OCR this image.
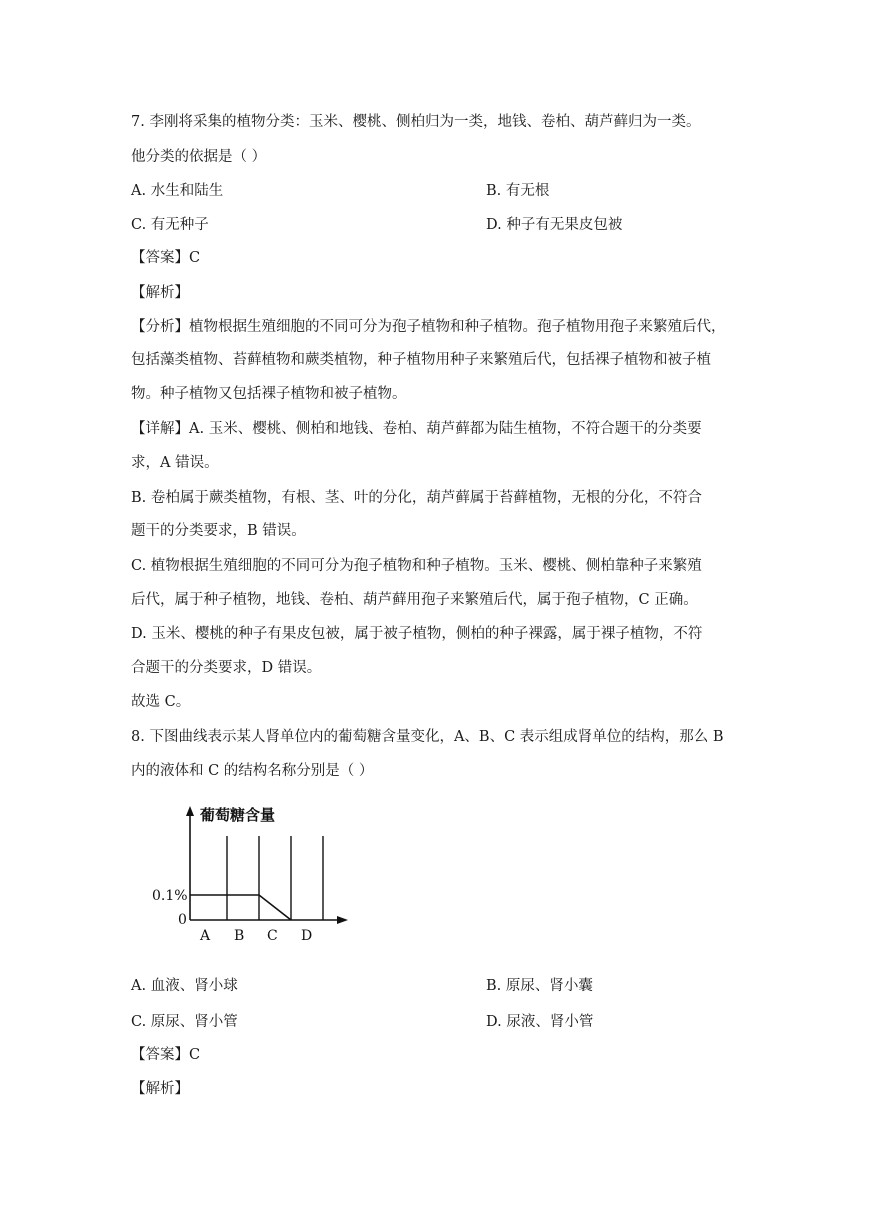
7. 李刚将采集的植物分类：玉米、樱桃、侧柏归为一类，地钱、卷柏、葫芦藓归为一类。
他分类的依据是（ ）
A. 水生和陆生	B. 有无根
C. 有无种子	D. 种子有无果皮包被
【答案】C
【解析】
【分析】植物根据生殖细胞的不同可分为孢子植物和种子植物。孢子植物用孢子来繁殖后代，
包括藻类植物、苔藓植物和蕨类植物，种子植物用种子来繁殖后代，包括裸子植物和被子植
物。种子植物又包括裸子植物和被子植物。
【详解】A. 玉米、樱桃、侧柏和地钱、卷柏、葫芦藓都为陆生植物，不符合题干的分类要
求，A 错误。
B. 卷柏属于蕨类植物，有根、茎、叶的分化，葫芦藓属于苔藓植物，无根的分化，不符合
题干的分类要求，B 错误。
C. 植物根据生殖细胞的不同可分为孢子植物和种子植物。玉米、樱桃、侧柏靠种子来繁殖
后代，属于种子植物，地钱、卷柏、葫芦藓用孢子来繁殖后代，属于孢子植物，C 正确。
D. 玉米、樱桃的种子有果皮包被，属于被子植物，侧柏的种子裸露，属于裸子植物，不符
合题干的分类要求，D 错误。
故选 C。
8. 下图曲线表示某人肾单位内的葡萄糖含量变化，A、B、C 表示组成肾单位的结构，那么 B
内的液体和 C 的结构名称分别是（ ）
葡萄糖含量
0.1%
0
A B C D
A. 血液、肾小球	B. 原尿、肾小囊
C. 原尿、肾小管	D. 尿液、肾小管
【答案】C
【解析】
